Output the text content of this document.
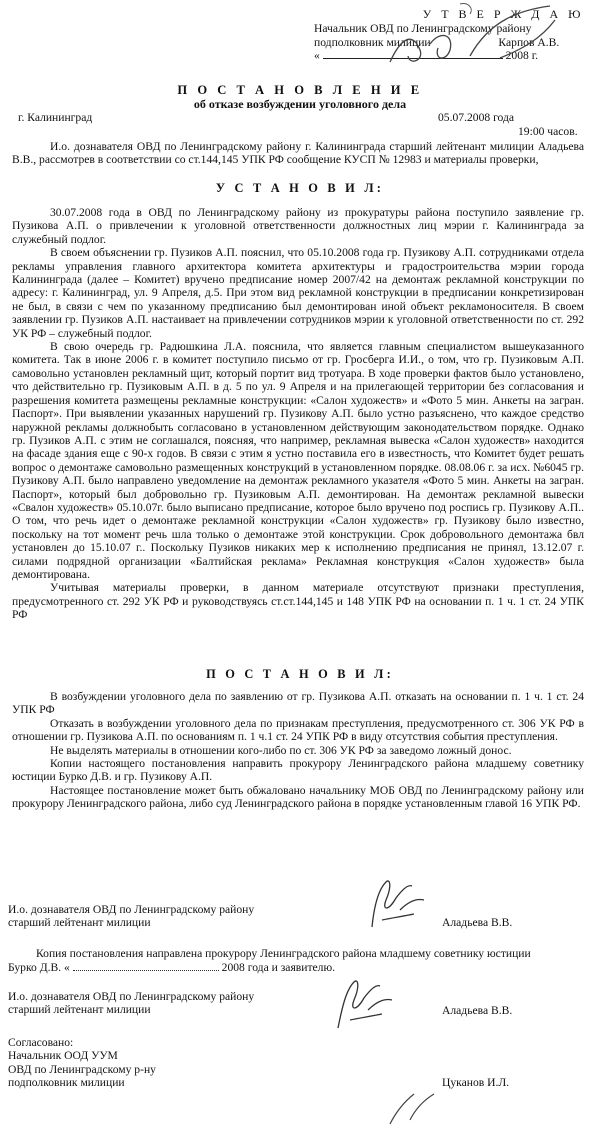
У Т В Е Р Ж Д А Ю
Начальник ОВД по Ленинградскому району
подполковник милиции	Карпов А.В.
«	2008 г.
П О С Т А Н О В Л Е Н И Е
об отказе возбуждении уголовного дела
г. Калининград	05.07.2008 года
19:00 часов.

И.о. дознавателя ОВД по Ленинградскому району г. Калининграда старший лейтенант милиции Аладьева В.В., рассмотрев в соответствии со ст.144,145 УПК РФ сообщение КУСП № 12983 и материалы проверки,

У С Т А Н О В И Л:

30.07.2008 года в ОВД по Ленинградскому району из прокуратуры района поступило заявление гр. Пузикова А.П. о привлечении к уголовной ответственности должностных лиц мэрии г. Калининграда за служебный подлог.

В своем объяснении гр. Пузиков А.П. пояснил, что 05.10.2008 года гр. Пузикову А.П. сотрудниками отдела рекламы управления главного архитектора комитета архитектуры и градостроительства мэрии города Калининграда (далее – Комитет) вручено предписание номер 2007/42 на демонтаж рекламной конструкции по адресу: г. Калининград, ул. 9 Апреля, д.5. При этом вид рекламной конструкции в предписании конкретизирован не был, в связи с чем по указанному предписанию был демонтирован иной объект рекламоносителя. В своем заявлении гр. Пузиков А.П. настаивает на привлечении сотрудников мэрии к уголовной ответственности по ст. 292 УК РФ – служебный подлог.

В свою очередь гр. Радюшкина Л.А. пояснила, что является главным специалистом вышеуказанного комитета. Так в июне 2006 г. в комитет поступило письмо от гр. Гросберга И.И., о том, что гр. Пузиковым А.П. самовольно установлен рекламный щит, который портит вид тротуара. В ходе проверки фактов было установлено, что действительно гр. Пузиковым А.П. в д. 5 по ул. 9 Апреля и на прилегающей территории без согласования и разрешения комитета размещены рекламные конструкции: «Салон художеств» и «Фото 5 мин. Анкеты на загран. Паспорт». При выявлении указанных нарушений гр. Пузикову А.П. было устно разъяснено, что каждое средство наружной рекламы должнобыть согласовано в установленном действующим законодательством порядке. Однако гр. Пузиков А.П. с этим не соглашался, поясняя, что например, рекламная вывеска «Салон художеств» находится на фасаде здания еще с 90-х годов. В связи с этим я устно поставила его в известность, что Комитет будет решать вопрос о демонтаже самовольно размещенных конструкций в установленном порядке. 08.08.06 г. за исх. №6045 гр. Пузикову А.П. было направлено уведомление на демонтаж рекламного указателя «Фото 5 мин. Анкеты на загран. Паспорт», который был добровольно гр. Пузиковым А.П. демонтирован. На демонтаж рекламной вывески «Свалон художеств» 05.10.07г. было выписано предписание, которое было вручено под роспись гр. Пузикову А.П.. О том, что речь идет о демонтаже рекламной конструкции «Салон художеств» гр. Пузикову было известно, поскольку на тот момент речь шла только о демонтаже этой конструкции. Срок добровольного демонтажа бвл установлен до 15.10.07 г.. Поскольку Пузиков никаких мер к исполнению предписания не принял, 13.12.07 г. силами подрядной организации «Балтийская реклама» Рекламная конструкция «Салон художеств» была демонтирована.

Учитывая материалы проверки, в данном материале отсутствуют признаки преступления, предусмотренного ст. 292 УК РФ и руководствуясь ст.ст.144,145 и 148 УПК РФ на основании п. 1 ч. 1 ст. 24 УПК РФ

П О С Т А Н О В И Л:

В возбуждении уголовного дела по заявлению от гр. Пузикова А.П. отказать на основании п. 1 ч. 1 ст. 24 УПК РФ

Отказать в возбуждении уголовного дела по признакам преступления, предусмотренного ст. 306 УК РФ в отношении гр. Пузикова А.П. по основаниям п. 1 ч.1 ст. 24 УПК РФ в виду отсутствия события преступления.

Не выделять материалы в отношении кого-либо по ст. 306 УК РФ за заведомо ложный донос.

Копии настоящего постановления направить прокурору Ленинградского района младшему советнику юстиции Бурко Д.В. и гр. Пузикову А.П.

Настоящее постановление может быть обжаловано начальнику МОБ ОВД по Ленинградскому району или прокурору Ленинградского района, либо суд Ленинградского района в порядке установленным главой 16 УПК РФ.

И.о. дознавателя ОВД по Ленинградскому району
старший лейтенант милиции	Аладьева В.В.
Копия постановления направлена прокурору Ленинградского района младшему советнику юстиции
Бурко Д.В. «	2008 года и заявителю.
И.о. дознавателя ОВД по Ленинградскому району
старший лейтенант милиции	Аладьева В.В.
Согласовано:
Начальник ООД УУМ
ОВД по Ленинградскому р-ну
подполковник милиции	Цуканов И.Л.
